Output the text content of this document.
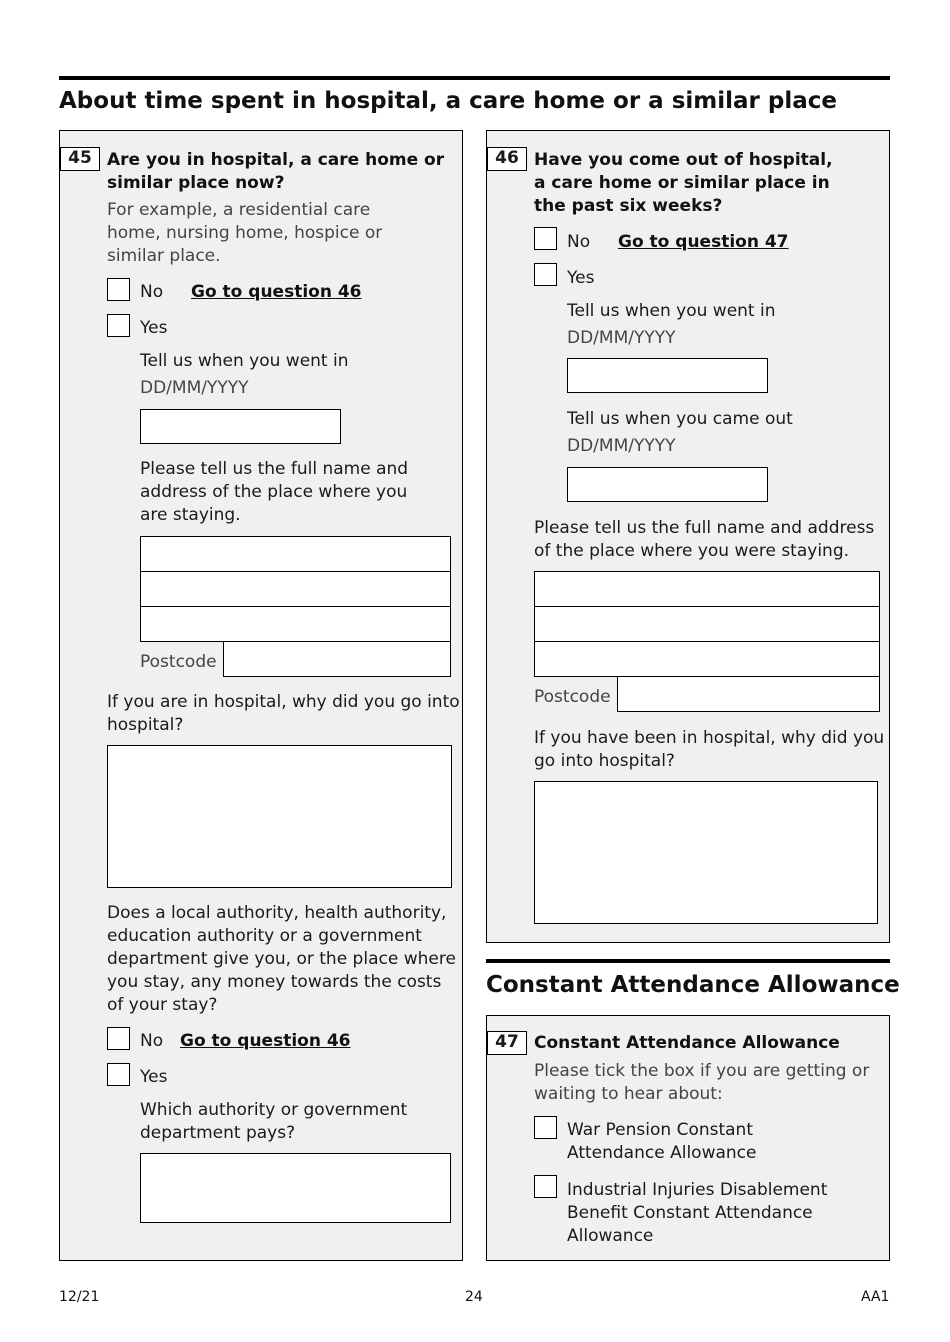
About time spent in hospital, a care home or a similar place
45 Are you in hospital, a care home or similar place now?
For example, a residential care home, nursing home, hospice or similar place.
No Go to question 46
Yes
Tell us when you went in
DD/MM/YYYY
Please tell us the full name and address of the place where you are staying.
Postcode
If you are in hospital, why did you go into hospital?
Does a local authority, health authority, education authority or a government department give you, or the place where you stay, any money towards the costs of your stay?
No Go to question 46
Yes
Which authority or government department pays?
46 Have you come out of hospital, a care home or similar place in the past six weeks?
No Go to question 47
Yes
Tell us when you went in
DD/MM/YYYY
Tell us when you came out
DD/MM/YYYY
Please tell us the full name and address of the place where you were staying.
Postcode
If you have been in hospital, why did you go into hospital?
Constant Attendance Allowance
47 Constant Attendance Allowance
Please tick the box if you are getting or waiting to hear about:
War Pension Constant Attendance Allowance
Industrial Injuries Disablement Benefit Constant Attendance Allowance
12/21	24	AA1
